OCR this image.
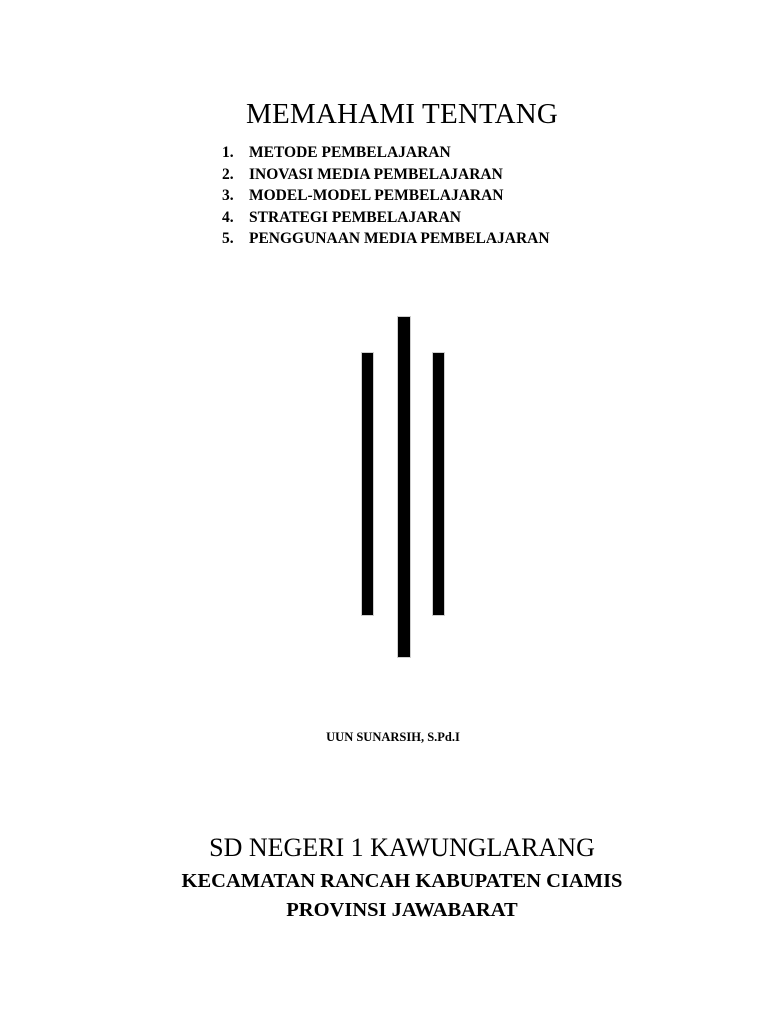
MEMAHAMI TENTANG
1. METODE PEMBELAJARAN
2. INOVASI MEDIA PEMBELAJARAN
3. MODEL-MODEL PEMBELAJARAN
4. STRATEGI PEMBELAJARAN
5. PENGGUNAAN MEDIA PEMBELAJARAN

UUN SUNARSIH, S.Pd.I

SD NEGERI 1 KAWUNGLARANG

KECAMATAN RANCAH KABUPATEN CIAMIS

PROVINSI JAWABARAT
